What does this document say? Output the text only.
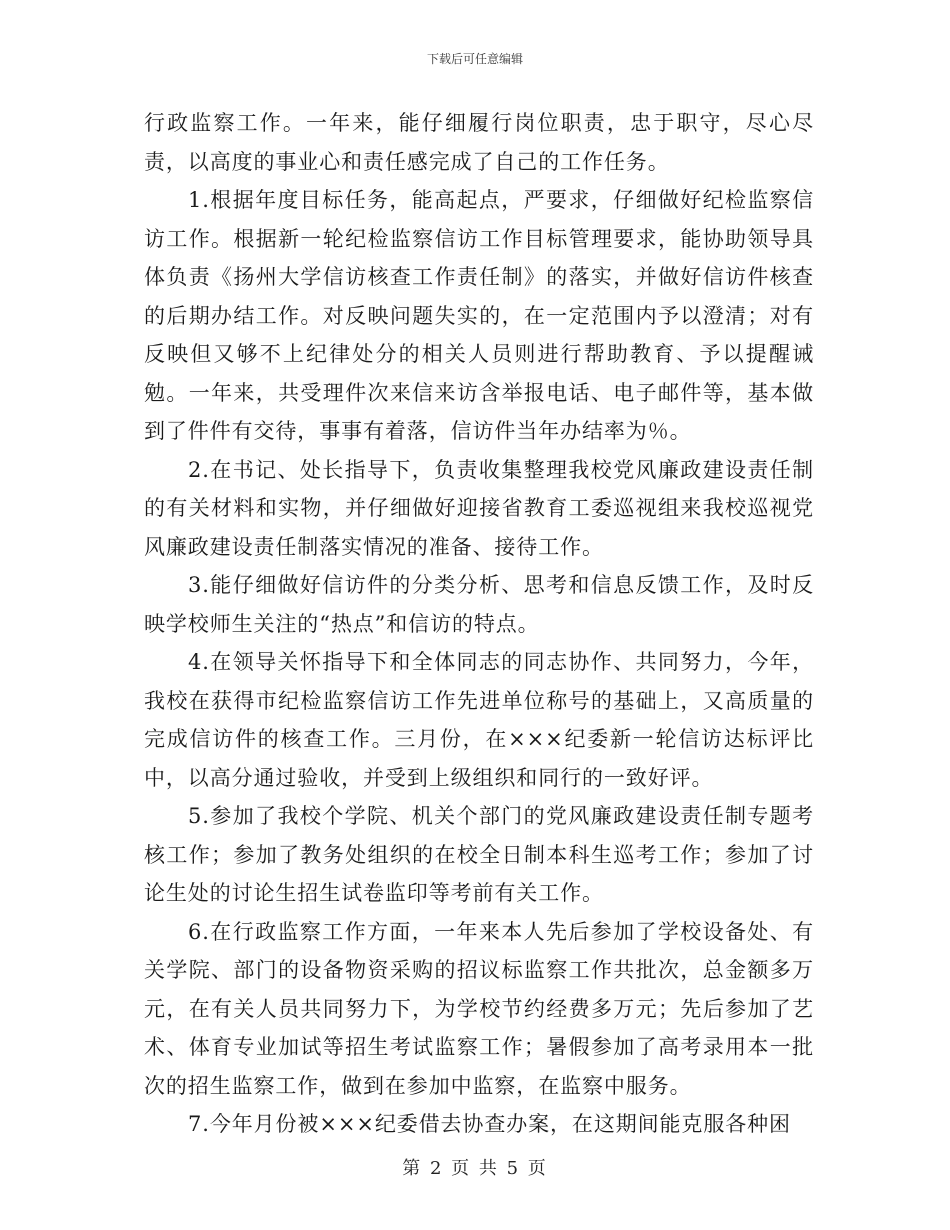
下载后可任意编辑

行政监察工作。一年来，能仔细履行岗位职责，忠于职守，尽心尽责，以高度的事业心和责任感完成了自己的工作任务。

1.根据年度目标任务，能高起点，严要求，仔细做好纪检监察信访工作。根据新一轮纪检监察信访工作目标管理要求，能协助领导具体负责《扬州大学信访核查工作责任制》的落实，并做好信访件核查的后期办结工作。对反映问题失实的，在一定范围内予以澄清；对有反映但又够不上纪律处分的相关人员则进行帮助教育、予以提醒诫勉。一年来，共受理件次来信来访含举报电话、电子邮件等，基本做到了件件有交待，事事有着落，信访件当年办结率为％。

2.在书记、处长指导下，负责收集整理我校党风廉政建设责任制的有关材料和实物，并仔细做好迎接省教育工委巡视组来我校巡视党风廉政建设责任制落实情况的准备、接待工作。

3.能仔细做好信访件的分类分析、思考和信息反馈工作，及时反映学校师生关注的“热点”和信访的特点。

4.在领导关怀指导下和全体同志的同志协作、共同努力，今年，我校在获得市纪检监察信访工作先进单位称号的基础上，又高质量的完成信访件的核查工作。三月份，在×××纪委新一轮信访达标评比中，以高分通过验收，并受到上级组织和同行的一致好评。

5.参加了我校个学院、机关个部门的党风廉政建设责任制专题考核工作；参加了教务处组织的在校全日制本科生巡考工作；参加了讨论生处的讨论生招生试卷监印等考前有关工作。

6.在行政监察工作方面，一年来本人先后参加了学校设备处、有关学院、部门的设备物资采购的招议标监察工作共批次，总金额多万元，在有关人员共同努力下，为学校节约经费多万元；先后参加了艺术、体育专业加试等招生考试监察工作；暑假参加了高考录用本一批次的招生监察工作，做到在参加中监察，在监察中服务。

7.今年月份被×××纪委借去协查办案，在这期间能克服各种困

第 2 页 共 5 页
